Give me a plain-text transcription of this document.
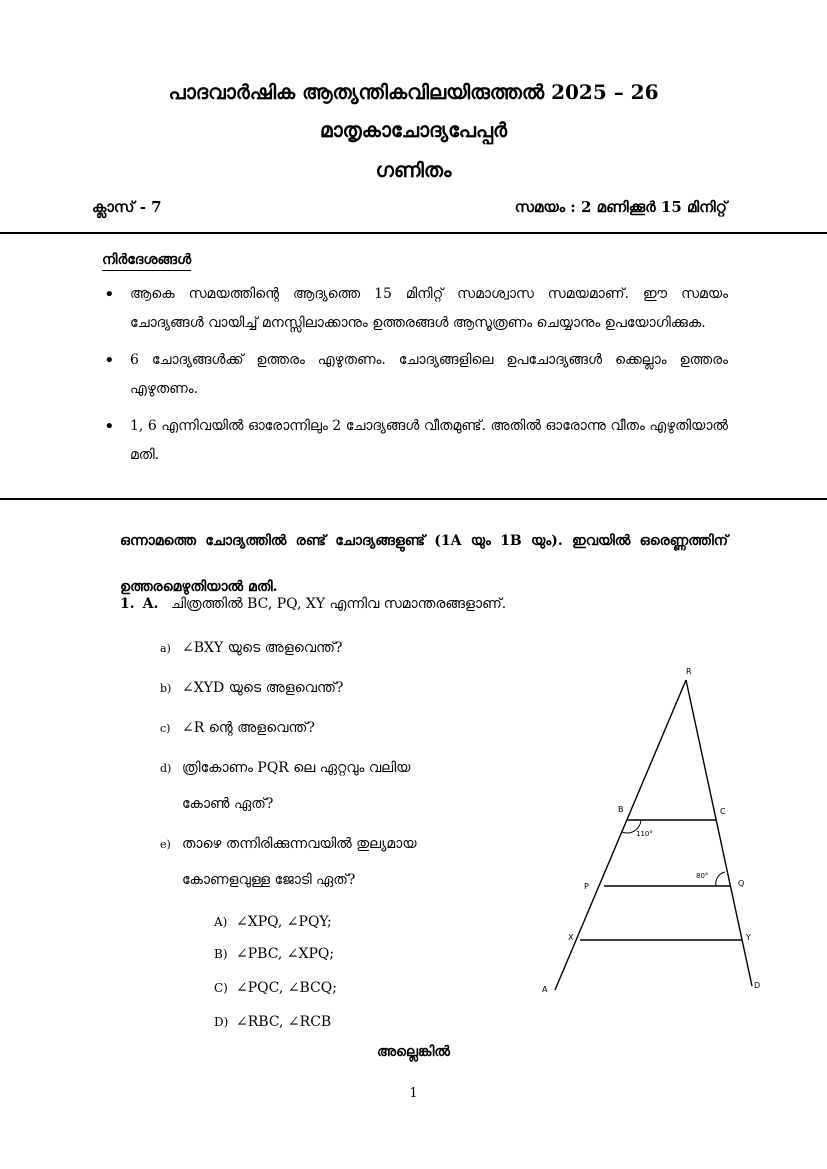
പാദവാർഷിക ആത്യന്തികവിലയിരുത്തൽ 2025 – 26
മാതൃകാചോദ്യപേപ്പർ
ഗണിതം
ക്ലാസ് - 7	സമയം : 2 മണിക്കൂർ 15 മിനിറ്റ്
നിർദേശങ്ങൾ
• ആകെ സമയത്തിന്റെ ആദ്യത്തെ 15 മിനിറ്റ് സമാശ്വാസ സമയമാണ്. ഈ സമയം ചോദ്യങ്ങൾ വായിച്ച് മനസ്സിലാക്കാനും ഉത്തരങ്ങൾ ആസൂത്രണം ചെയ്യാനും ഉപയോഗിക്കുക.
• 6 ചോദ്യങ്ങൾക്ക് ഉത്തരം എഴുതണം. ചോദ്യങ്ങളിലെ ഉപചോദ്യങ്ങൾ ക്കെല്ലാം ഉത്തരം എഴുതണം.
• 1, 6 എന്നിവയിൽ ഓരോന്നിലും 2 ചോദ്യങ്ങൾ വീതമുണ്ട്. അതിൽ ഓരോന്നു വീതം എഴുതിയാൽ മതി.
ഒന്നാമത്തെ ചോദ്യത്തിൽ രണ്ട് ചോദ്യങ്ങളുണ്ട് (1A യും 1B യും). ഇവയിൽ ഒരെണ്ണത്തിന് ഉത്തരമെഴുതിയാൽ മതി.
1. A. ചിത്രത്തിൽ BC, PQ, XY എന്നിവ സമാന്തരങ്ങളാണ്.
a) ∠BXY യുടെ അളവെന്ത്?
b) ∠XYD യുടെ അളവെന്ത്?
c) ∠R ന്റെ അളവെന്ത്?
d) ത്രികോണം PQR ലെ ഏറ്റവും വലിയ
കോൺ ഏത്?
e) താഴെ തന്നിരിക്കുന്നവയിൽ തുല്യമായ
കോണളവുള്ള ജോടി ഏത്?
A) ∠XPQ, ∠PQY;
B) ∠PBC, ∠XPQ;
C) ∠PQC, ∠BCQ;
D) ∠RBC, ∠RCB
R
B	C
110°
P	Q
80°
X	Y
A	D
അല്ലെങ്കിൽ
1
